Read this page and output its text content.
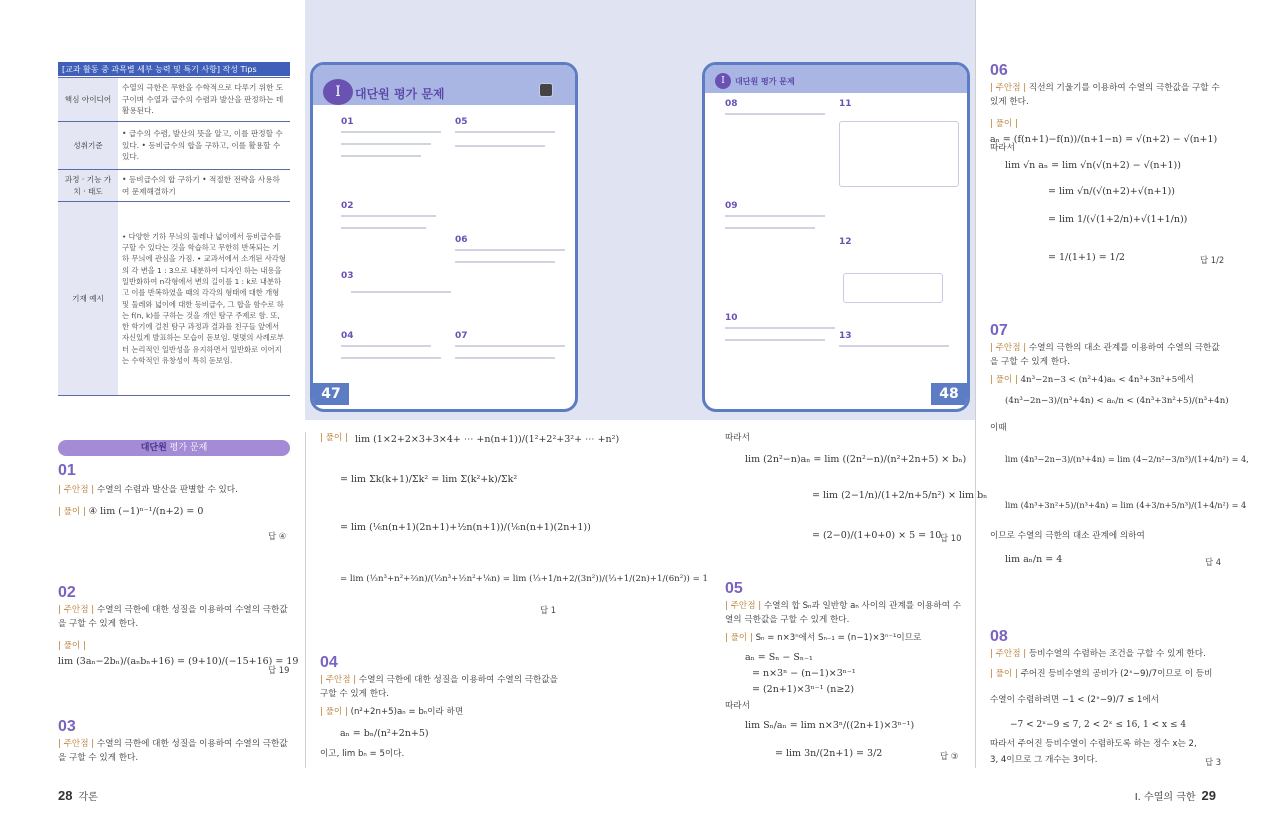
[교과 활동 중 과목별 세부 능력 및 특기 사항] 작성 Tips
핵심 아이디어	수열의 극한은 무한을 수학적으로 다루기 위한 도구이며 수열과 급수의 수렴과 발산을 판정하는 데 활용된다.
성취기준	• 급수의 수렴, 발산의 뜻을 알고, 이를 판정할 수 있다. • 등비급수의 합을 구하고, 이를 활용할 수 있다.
과정 · 기능 가치 · 태도	• 등비급수의 합 구하기 • 적절한 전략을 사용하여 문제해결하기
기재 예시	• 다양한 기하 무늬의 둘레나 넓이에서 등비급수를 구할 수 있다는 것을 학습하고 무한히 반복되는 기하 무늬에 관심을 가짐. • 교과서에서 소개된 사각형의 각 변을 1 : 3으로 내분하여 디자인 하는 내용을 일반화하여 n각형에서 변의 길이를 1 : k로 내분하고 이를 반복하였을 때의 각각의 형태에 대한 개형 및 둘레와 넓이에 대한 등비급수, 그 합을 함수로 하는 f(n, k)를 구하는 것을 개인 탐구 주제로 함. 또, 한 학기에 걸친 탐구 과정과 결과를 친구들 앞에서 자신있게 발표하는 모습이 돋보임. 몇몇의 사례로부터 논리적인 일반성을 유지하면서 일반화로 이어지는 수학적인 유창성이 특히 돋보임.
I	대단원 평가 문제
01
02
03
04
05
06
07
47
I	대단원 평가 문제
08
09
10
11
12
13
48
대단원 평가 문제
01
| 주안점 | 수열의 수렴과 발산을 판별할 수 있다.
| 풀이 | ④ lim (−1)ⁿ⁻¹/(n+2) = 0
답 ④
02
| 주안점 | 수열의 극한에 대한 성질을 이용하여 수열의 극한값을 구할 수 있게 한다.
| 풀이 | lim (3aₙ−2bₙ)/(aₙbₙ+16) = (9+10)/(−15+16) = 19
답 19
03
| 주안점 | 수열의 극한에 대한 성질을 이용하여 수열의 극한값을 구할 수 있게 한다.
| 풀이 | lim (1×2+2×3+3×4+ ⋯ +n(n+1))/(1²+2²+3²+ ⋯ +n²)
= lim Σk(k+1)/Σk² = lim Σ(k²+k)/Σk²
= lim (⅙n(n+1)(2n+1)+½n(n+1))/(⅙n(n+1)(2n+1))
= lim (⅓n³+n²+⅔n)/(⅓n³+½n²+⅙n) = lim (⅓+1/n+2/(3n²))/(⅓+1/(2n)+1/(6n²)) = 1
답 1
04
| 주안점 | 수열의 극한에 대한 성질을 이용하여 수열의 극한값을 구할 수 있게 한다.
| 풀이 | (n²+2n+5)aₙ = bₙ이라 하면
aₙ = bₙ/(n²+2n+5)
이고, lim bₙ = 5이다.
따라서
lim (2n²−n)aₙ = lim ((2n²−n)/(n²+2n+5) × bₙ)
= lim (2−1/n)/(1+2/n+5/n²) × lim bₙ
= (2−0)/(1+0+0) × 5 = 10
답 10
05
| 주안점 | 수열의 합 Sₙ과 일반항 aₙ 사이의 관계를 이용하여 수열의 극한값을 구할 수 있게 한다.
| 풀이 | Sₙ = n×3ⁿ에서 Sₙ₋₁ = (n−1)×3ⁿ⁻¹이므로
aₙ = Sₙ − Sₙ₋₁
= n×3ⁿ − (n−1)×3ⁿ⁻¹
= (2n+1)×3ⁿ⁻¹ (n≥2)
따라서
lim Sₙ/aₙ = lim n×3ⁿ/((2n+1)×3ⁿ⁻¹)
= lim 3n/(2n+1) = 3/2	답 ③
06
| 주안점 | 직선의 기울기를 이용하여 수열의 극한값을 구할 수 있게 한다.
| 풀이 | aₙ = (f(n+1)−f(n))/(n+1−n) = √(n+2) − √(n+1)
따라서
lim √n aₙ = lim √n(√(n+2) − √(n+1))
= lim √n/(√(n+2)+√(n+1))
= lim 1/(√(1+2/n)+√(1+1/n))
= 1/(1+1) = 1/2	답 1/2
07
| 주안점 | 수열의 극한의 대소 관계를 이용하여 수열의 극한값을 구할 수 있게 한다.
| 풀이 | 4n³−2n−3 < (n²+4)aₙ < 4n³+3n²+5에서
(4n³−2n−3)/(n³+4n) < aₙ/n < (4n³+3n²+5)/(n³+4n)
이때
lim (4n³−2n−3)/(n³+4n) = lim (4−2/n²−3/n³)/(1+4/n²) = 4,
lim (4n³+3n²+5)/(n³+4n) = lim (4+3/n+5/n³)/(1+4/n²) = 4
이므로 수열의 극한의 대소 관계에 의하여
lim aₙ/n = 4	답 4
08
| 주안점 | 등비수열의 수렴하는 조건을 구할 수 있게 한다.
| 풀이 | 주어진 등비수열의 공비가 (2ˣ−9)/7이므로 이 등비
수열이 수렴하려면 −1 < (2ˣ−9)/7 ≤ 1에서
−7 < 2ˣ−9 ≤ 7, 2 < 2ˣ ≤ 16, 1 < x ≤ 4
따라서 주어진 등비수열이 수렴하도록 하는 정수 x는 2,
3, 4이므로 그 개수는 3이다.	답 3
28 각론	I. 수열의 극한 29
